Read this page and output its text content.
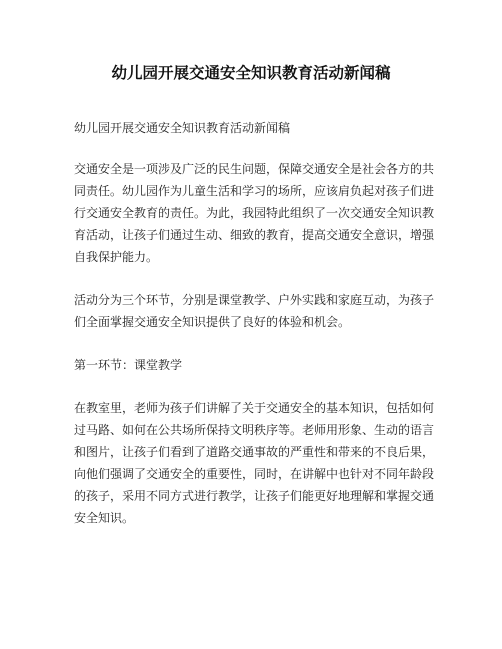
幼儿园开展交通安全知识教育活动新闻稿

幼儿园开展交通安全知识教育活动新闻稿

交通安全是一项涉及广泛的民生问题，保障交通安全是社会各方的共同责任。幼儿园作为儿童生活和学习的场所，应该肩负起对孩子们进行交通安全教育的责任。为此，我园特此组织了一次交通安全知识教育活动，让孩子们通过生动、细致的教育，提高交通安全意识，增强自我保护能力。

活动分为三个环节，分别是课堂教学、户外实践和家庭互动，为孩子们全面掌握交通安全知识提供了良好的体验和机会。

第一环节：课堂教学

在教室里，老师为孩子们讲解了关于交通安全的基本知识，包括如何过马路、如何在公共场所保持文明秩序等。老师用形象、生动的语言和图片，让孩子们看到了道路交通事故的严重性和带来的不良后果，向他们强调了交通安全的重要性，同时，在讲解中也针对不同年龄段的孩子，采用不同方式进行教学，让孩子们能更好地理解和掌握交通安全知识。
